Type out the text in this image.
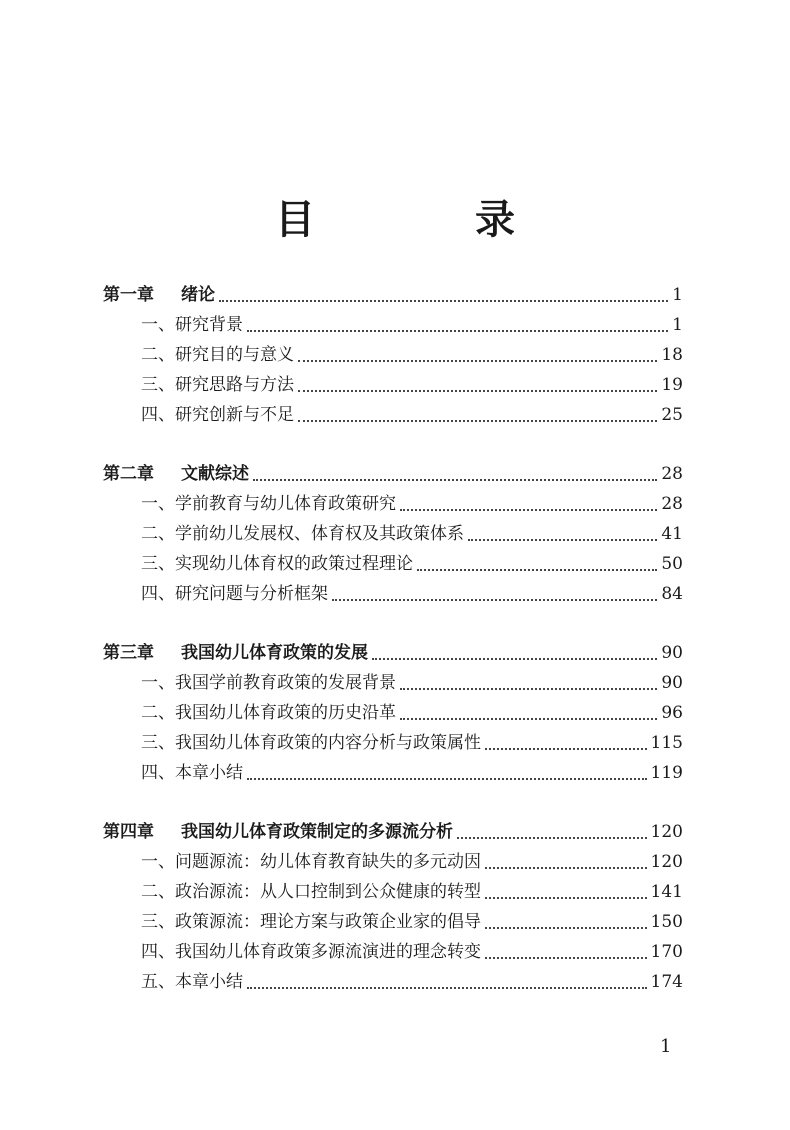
目　录
第一章	绪论	1
一、研究背景	1
二、研究目的与意义	18
三、研究思路与方法	19
四、研究创新与不足	25
第二章	文献综述	28
一、学前教育与幼儿体育政策研究	28
二、学前幼儿发展权、体育权及其政策体系	41
三、实现幼儿体育权的政策过程理论	50
四、研究问题与分析框架	84
第三章	我国幼儿体育政策的发展	90
一、我国学前教育政策的发展背景	90
二、我国幼儿体育政策的历史沿革	96
三、我国幼儿体育政策的内容分析与政策属性	115
四、本章小结	119
第四章	我国幼儿体育政策制定的多源流分析	120
一、问题源流：幼儿体育教育缺失的多元动因	120
二、政治源流：从人口控制到公众健康的转型	141
三、政策源流：理论方案与政策企业家的倡导	150
四、我国幼儿体育政策多源流演进的理念转变	170
五、本章小结	174
1
